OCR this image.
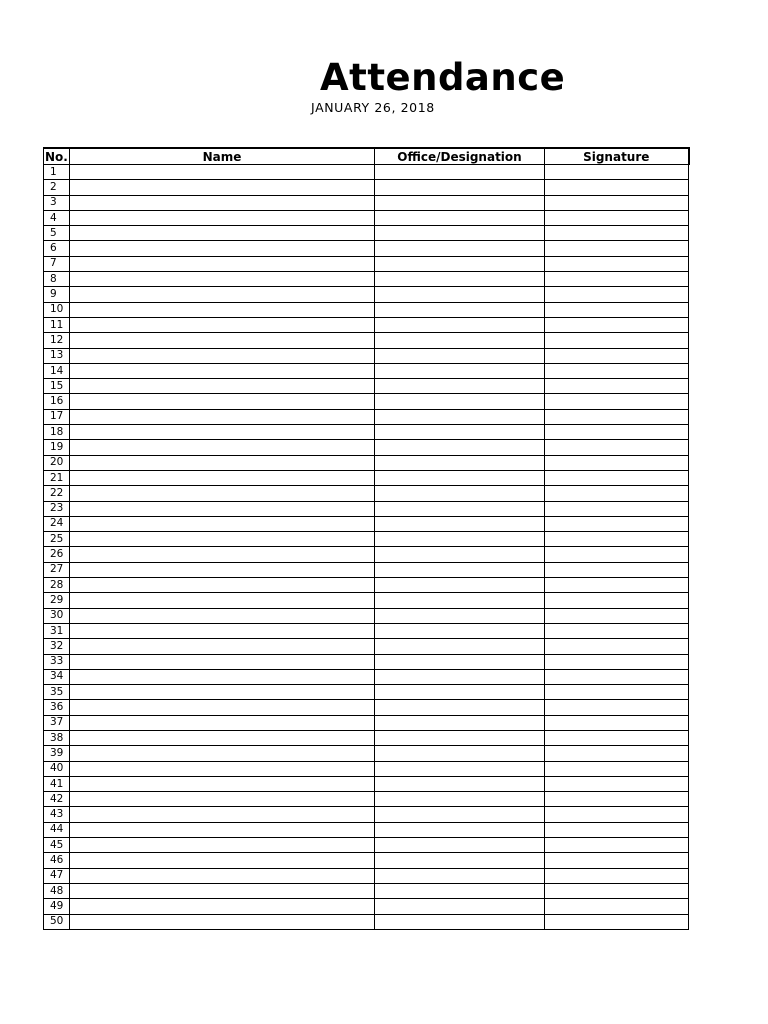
Attendance
JANUARY 26, 2018
No.	Name	Office/Designation	Signature
1			
2			
3			
4			
5			
6			
7			
8			
9			
10			
11			
12			
13			
14			
15			
16			
17			
18			
19			
20			
21			
22			
23			
24			
25			
26			
27			
28			
29			
30			
31			
32			
33			
34			
35			
36			
37			
38			
39			
40			
41			
42			
43			
44			
45			
46			
47			
48			
49			
50			
